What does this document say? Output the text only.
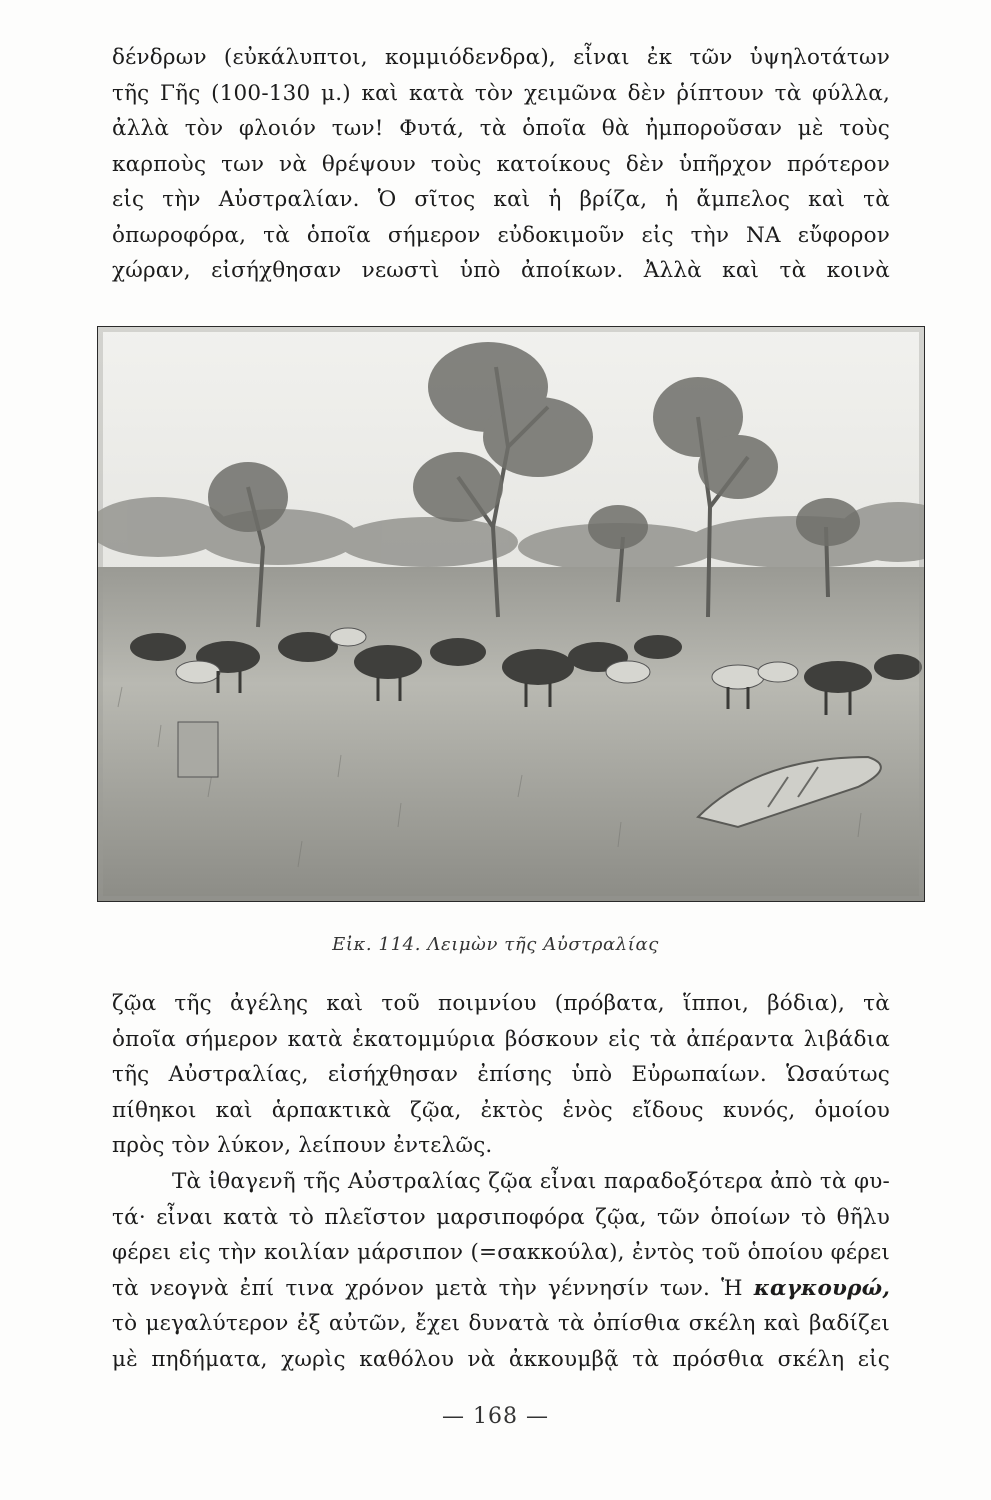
δένδρων (εὐκάλυπτοι, κομμιόδενδρα), εἶναι ἐκ τῶν ὑψηλοτάτων
τῆς Γῆς (100-130 μ.) καὶ κατὰ τὸν χειμῶνα δὲν ῥίπτουν τὰ φύλλα,
ἀλλὰ τὸν φλοιόν των! Φυτά, τὰ ὁποῖα θὰ ἠμποροῦσαν μὲ τοὺς
καρποὺς των νὰ θρέψουν τοὺς κατοίκους δὲν ὑπῆρχον πρότερον
εἰς τὴν Αὐστραλίαν. Ὁ σῖτος καὶ ἡ βρίζα, ἡ ἄμπελος καὶ τὰ
ὀπωροφόρα, τὰ ὁποῖα σήμερον εὐδοκιμοῦν εἰς τὴν ΝΑ εὔφορον
χώραν, εἰσήχθησαν νεωστὶ ὑπὸ ἀποίκων. Ἀλλὰ καὶ τὰ κοινὰ
Εἰκ. 114. Λειμὼν τῆς Αὐστραλίας
ζῷα τῆς ἀγέλης καὶ τοῦ ποιμνίου (πρόβατα, ἵπποι, βόδια), τὰ
ὁποῖα σήμερον κατὰ ἑκατομμύρια βόσκουν εἰς τὰ ἀπέραντα λιβάδια
τῆς Αὐστραλίας, εἰσήχθησαν ἐπίσης ὑπὸ Εὐρωπαίων. Ὡσαύτως
πίθηκοι καὶ ἁρπακτικὰ ζῷα, ἐκτὸς ἑνὸς εἴδους κυνός, ὁμοίου
πρὸς τὸν λύκον, λείπουν ἐντελῶς.
Τὰ ἰθαγενῆ τῆς Αὐστραλίας ζῷα εἶναι παραδοξότερα ἀπὸ τὰ φυ-
τά· εἶναι κατὰ τὸ πλεῖστον μαρσιποφόρα ζῷα, τῶν ὁποίων τὸ θῆλυ
φέρει εἰς τὴν κοιλίαν μάρσιπον (=σακκούλα), ἐντὸς τοῦ ὁποίου φέρει
τὰ νεογνὰ ἐπί τινα χρόνον μετὰ τὴν γέννησίν των. Ἡ καγκουρώ,
τὸ μεγαλύτερον ἐξ αὐτῶν, ἔχει δυνατὰ τὰ ὀπίσθια σκέλη καὶ βαδίζει
μὲ πηδήματα, χωρὶς καθόλου νὰ ἀκκουμβᾷ τὰ πρόσθια σκέλη εἰς
— 168 —
